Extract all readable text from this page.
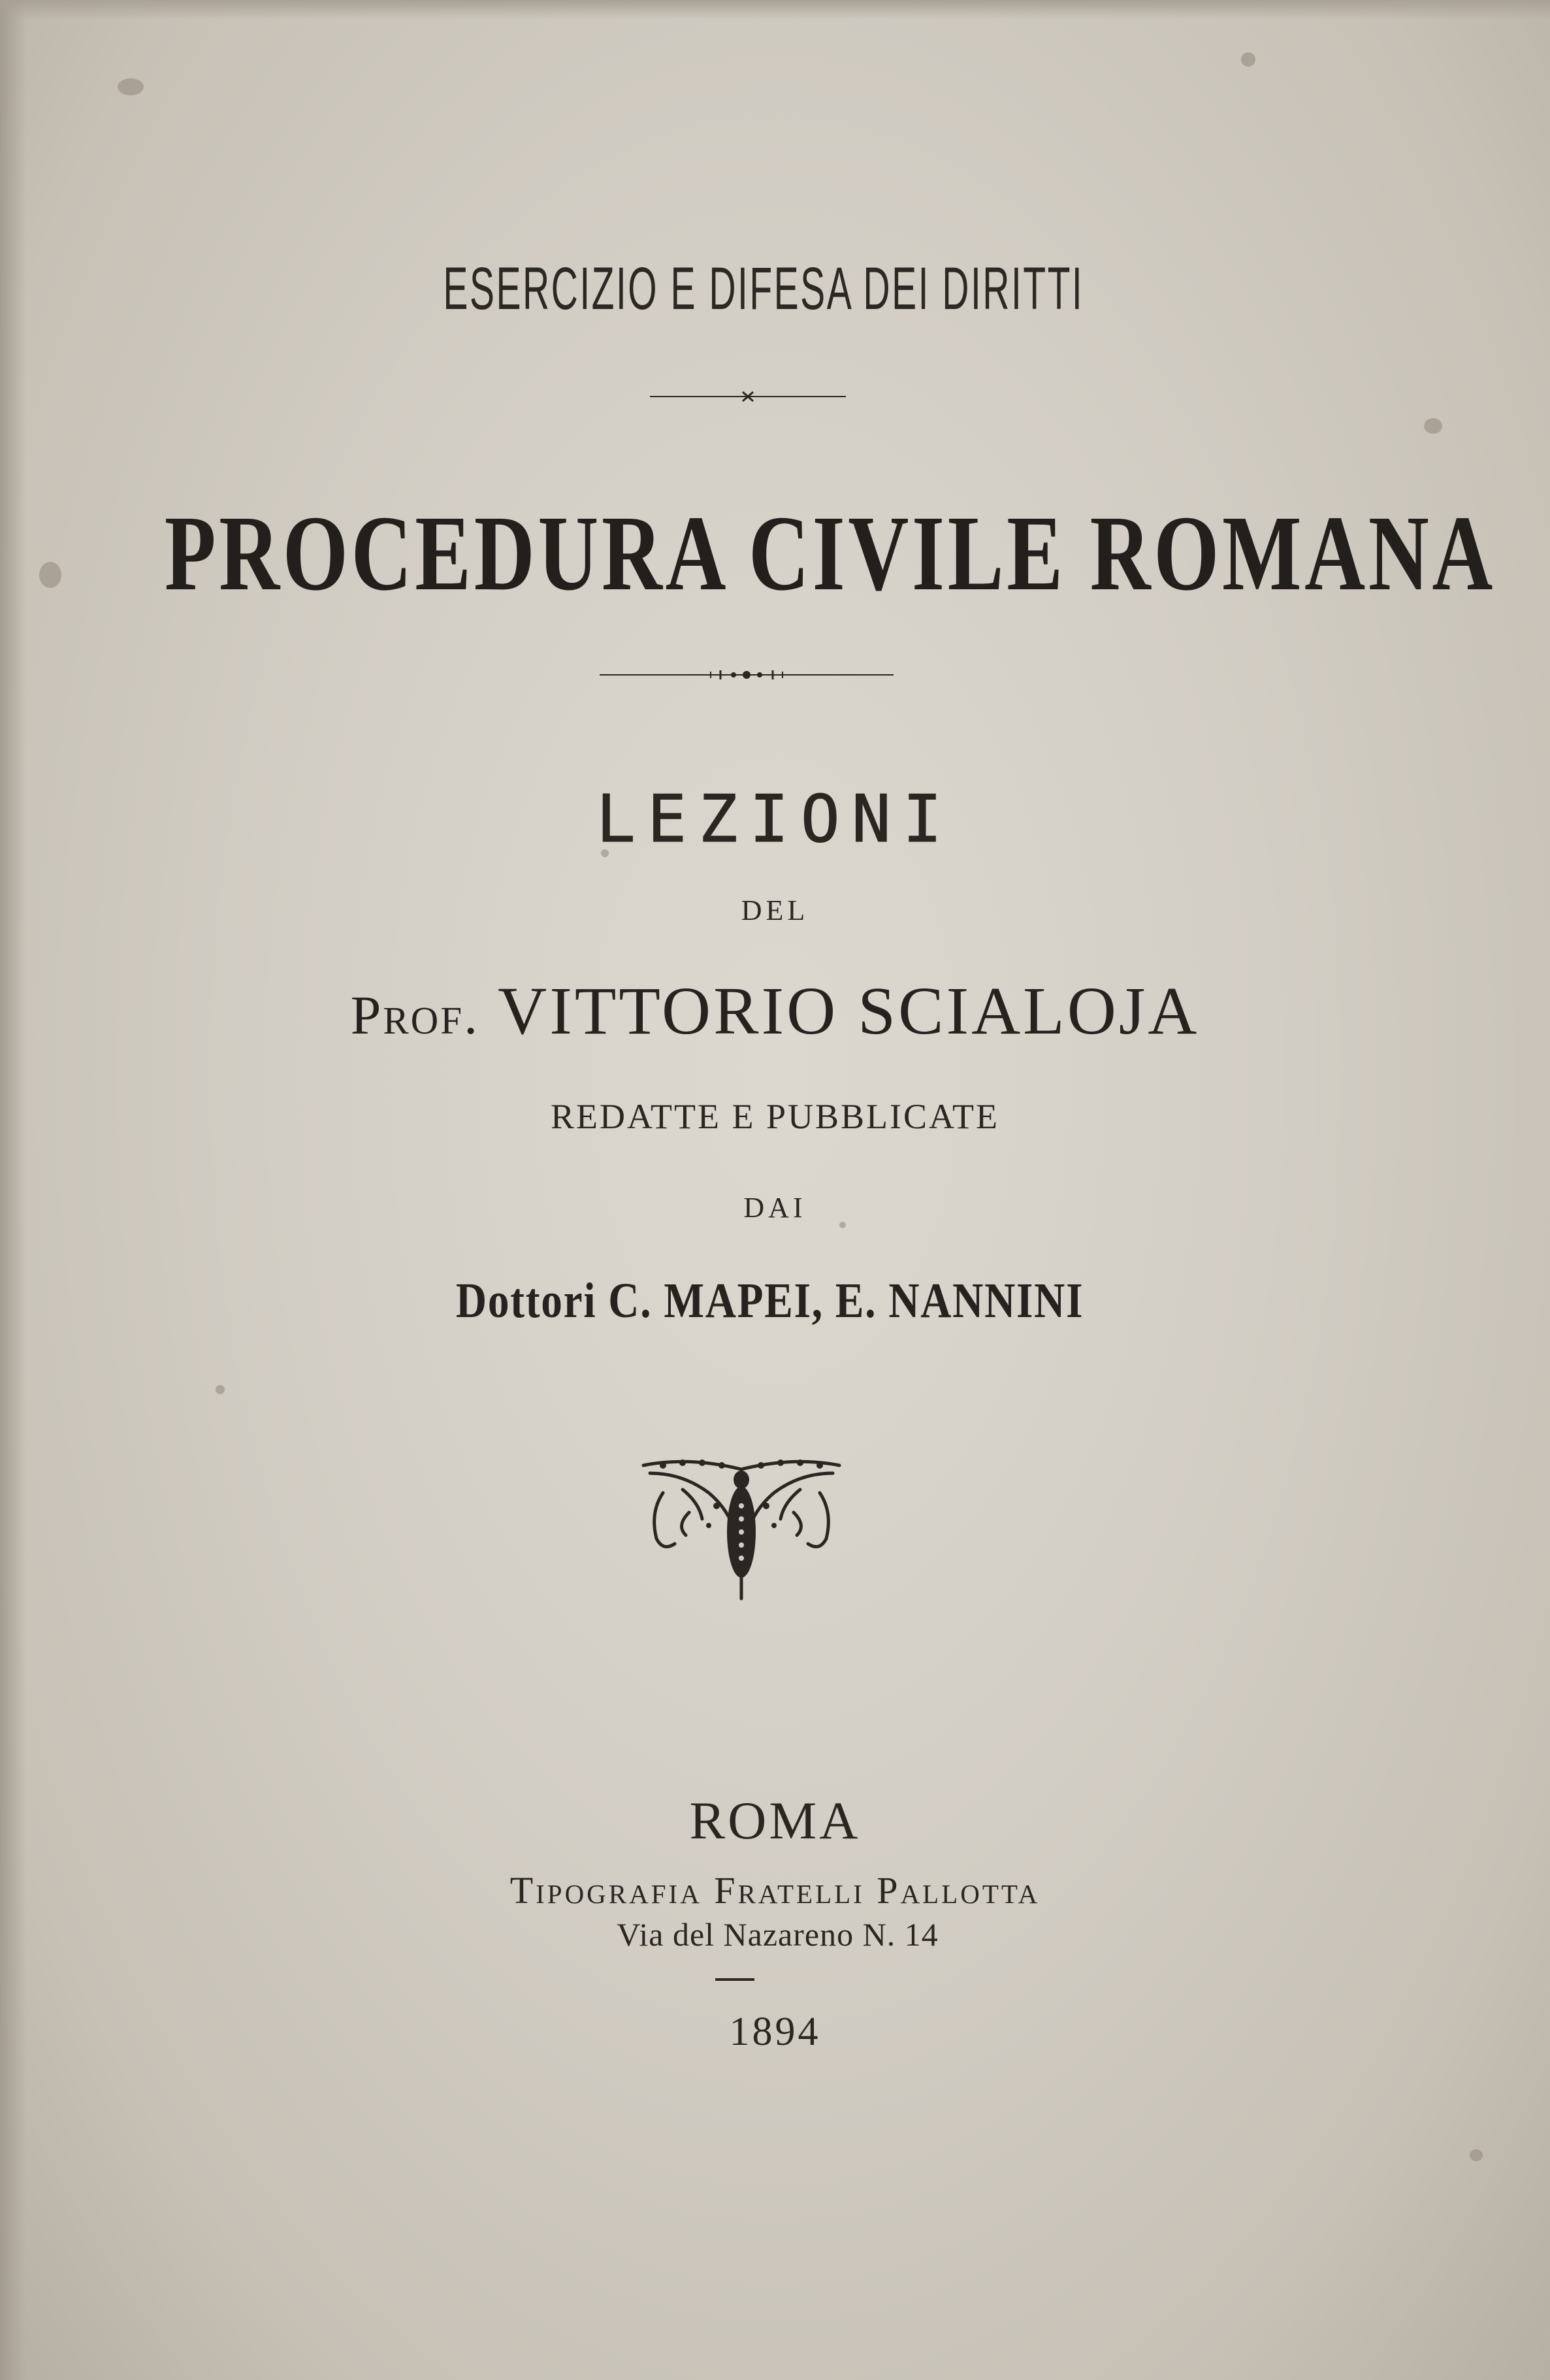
ESERCIZIO E DIFESA DEI DIRITTI
PROCEDURA CIVILE ROMANA
LEZIONI
DEL
Prof. VITTORIO SCIALOJA
REDATTE E PUBBLICATE
DAI
Dottori C. MAPEI, E. NANNINI
ROMA
Tipografia Fratelli Pallotta
Via del Nazareno N. 14
1894
